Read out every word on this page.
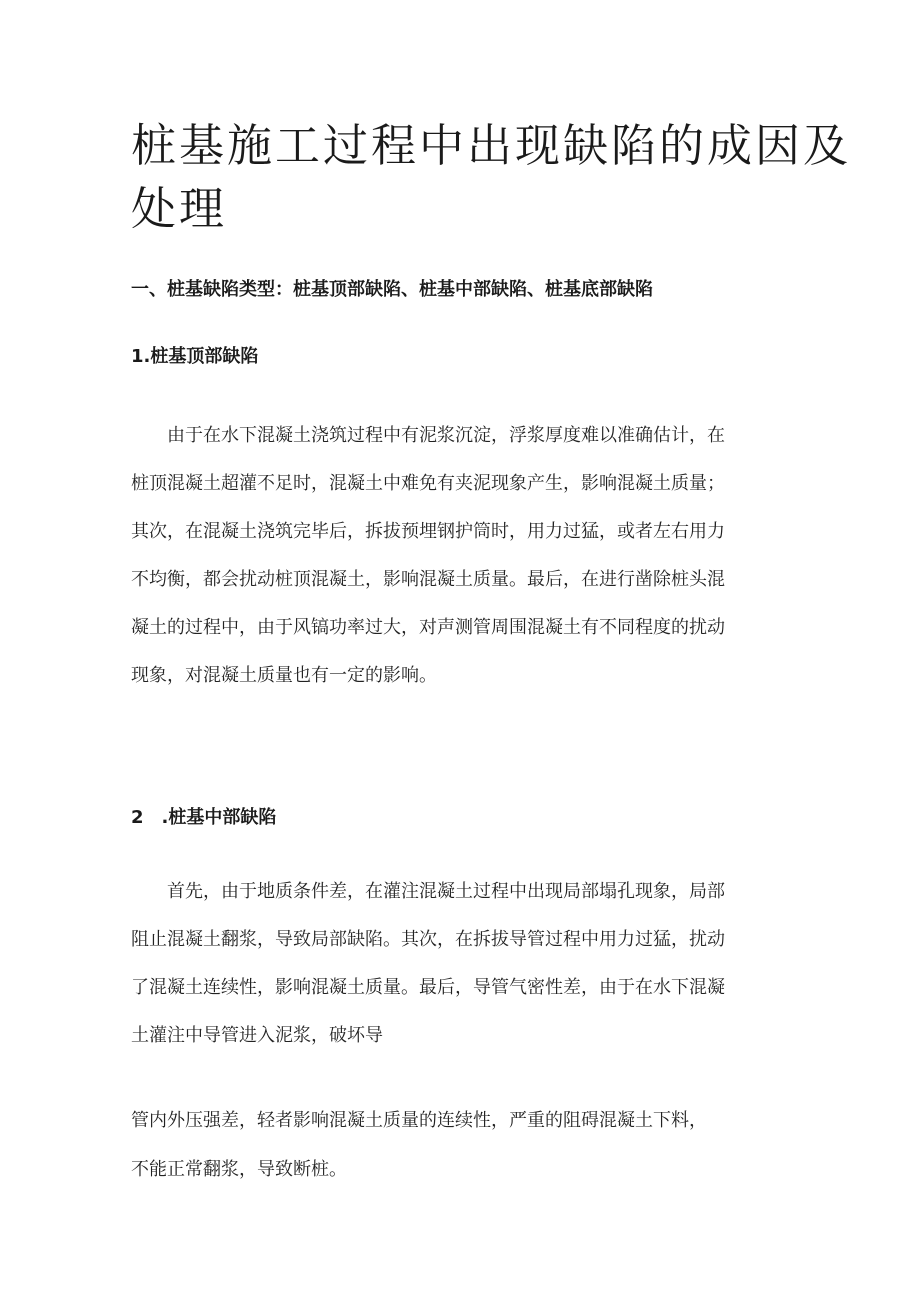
桩基施工过程中出现缺陷的成因及
处理
一、桩基缺陷类型：桩基顶部缺陷、桩基中部缺陷、桩基底部缺陷
1.桩基顶部缺陷
由于在水下混凝土浇筑过程中有泥浆沉淀，浮浆厚度难以准确估计，在
桩顶混凝土超灌不足时，混凝土中难免有夹泥现象产生，影响混凝土质量；
其次，在混凝土浇筑完毕后，拆拔预埋钢护筒时，用力过猛，或者左右用力
不均衡，都会扰动桩顶混凝土，影响混凝土质量。最后，在进行凿除桩头混
凝土的过程中，由于风镐功率过大，对声测管周围混凝土有不同程度的扰动
现象，对混凝土质量也有一定的影响。
2　.桩基中部缺陷
首先，由于地质条件差，在灌注混凝土过程中出现局部塌孔现象，局部
阻止混凝土翻浆，导致局部缺陷。其次，在拆拔导管过程中用力过猛，扰动
了混凝土连续性，影响混凝土质量。最后，导管气密性差，由于在水下混凝
土灌注中导管进入泥浆，破坏导
管内外压强差，轻者影响混凝土质量的连续性，严重的阻碍混凝土下料，
不能正常翻浆，导致断桩。
